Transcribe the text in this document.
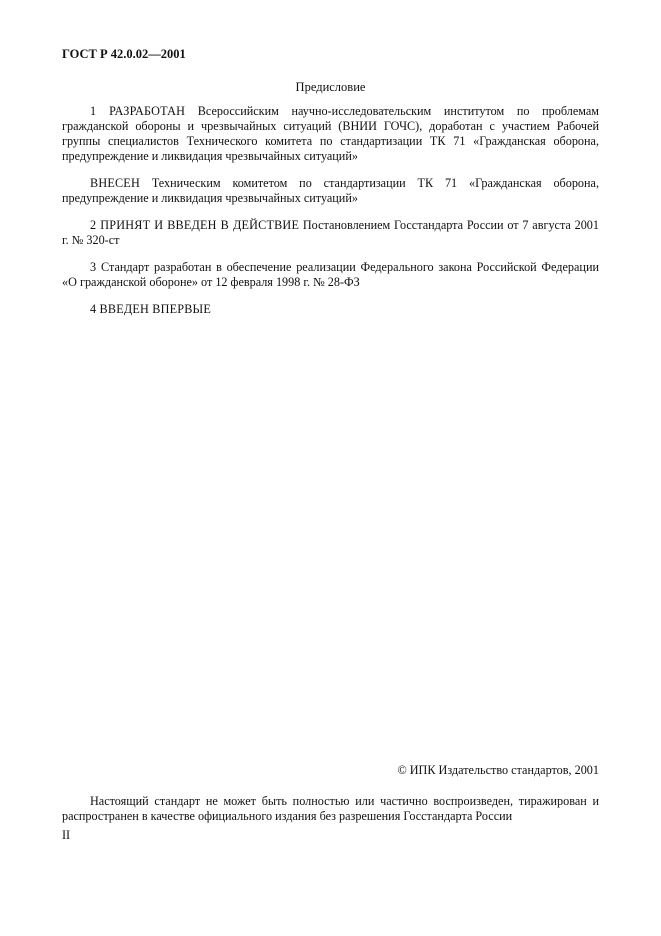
ГОСТ Р 42.0.02—2001
Предисловие

1 РАЗРАБОТАН Всероссийским научно-исследовательским институтом по проблемам гражданской обороны и чрезвычайных ситуаций (ВНИИ ГОЧС), доработан с участием Рабочей группы специалистов Технического комитета по стандартизации ТК 71 «Гражданская оборона, предупреждение и ликвидация чрезвычайных ситуаций»

ВНЕСЕН Техническим комитетом по стандартизации ТК 71 «Гражданская оборона, предупреждение и ликвидация чрезвычайных ситуаций»

2 ПРИНЯТ И ВВЕДЕН В ДЕЙСТВИЕ Постановлением Госстандарта России от 7 августа 2001 г. № 320-ст

3 Стандарт разработан в обеспечение реализации Федерального закона Российской Федерации «О гражданской обороне» от 12 февраля 1998 г. № 28-ФЗ

4 ВВЕДЕН ВПЕРВЫЕ

© ИПК Издательство стандартов, 2001
Настоящий стандарт не может быть полностью или частично воспроизведен, тиражирован и распространен в качестве официального издания без разрешения Госстандарта России
II
